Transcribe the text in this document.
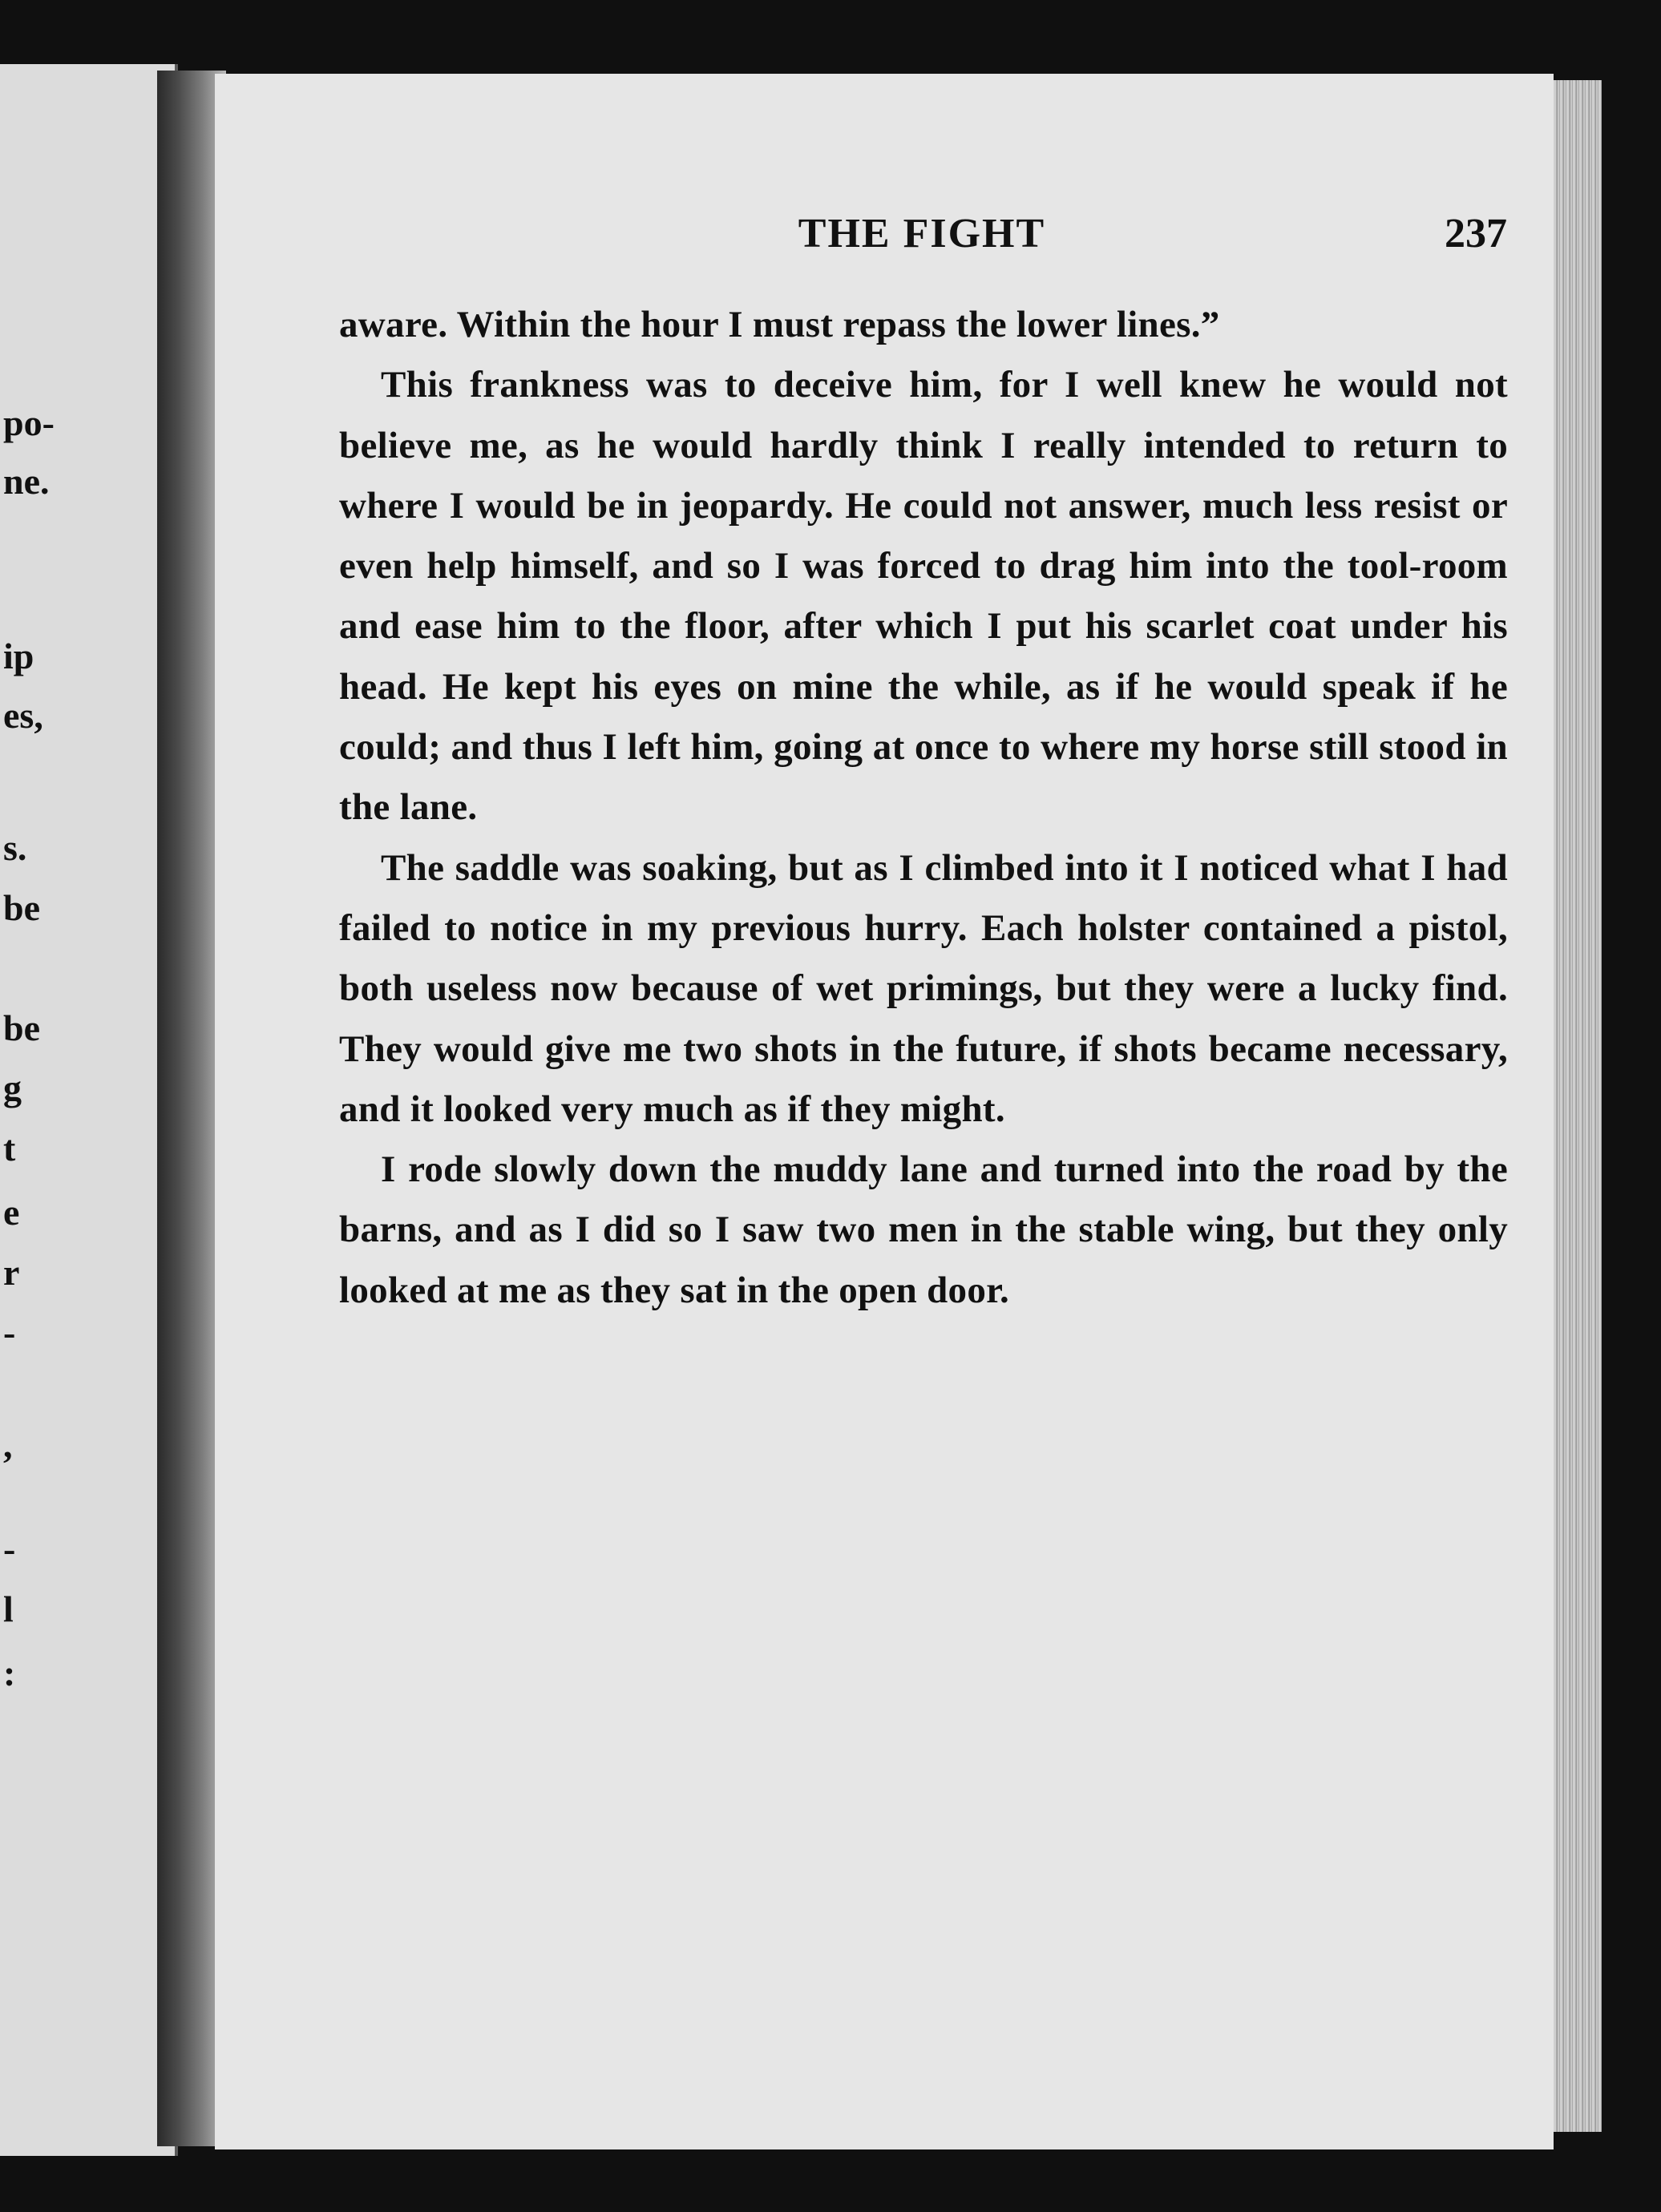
po-
ne.
ip
es,
s.
be
be
g
t
e
r
-
,
-
l
:
THE FIGHT	237

aware. Within the hour I must repass the lower lines.”

This frankness was to deceive him, for I well knew he would not believe me, as he would hardly think I really intended to return to where I would be in jeopardy. He could not answer, much less resist or even help himself, and so I was forced to drag him into the tool-room and ease him to the floor, after which I put his scarlet coat under his head. He kept his eyes on mine the while, as if he would speak if he could; and thus I left him, going at once to where my horse still stood in the lane.

The saddle was soaking, but as I climbed into it I noticed what I had failed to notice in my previous hurry. Each holster contained a pistol, both useless now because of wet primings, but they were a lucky find. They would give me two shots in the future, if shots became necessary, and it looked very much as if they might.

I rode slowly down the muddy lane and turned into the road by the barns, and as I did so I saw two men in the stable wing, but they only looked at me as they sat in the open door.
